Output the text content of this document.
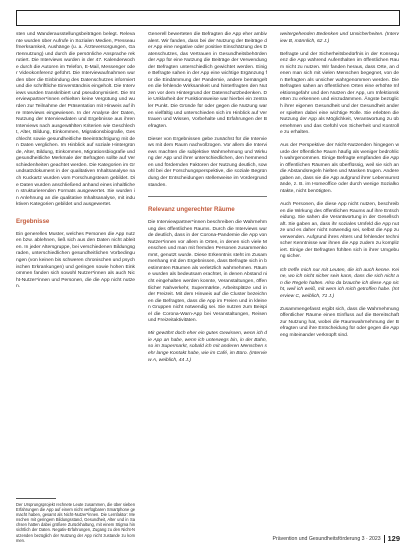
sten und Wanderausstellungsbeiträgen belegt. Relevante wurden über Aufrufe in Sozialen Medien, Presseaufmerksamkeit, Aushänge (u. a. Ärzteversorgungen, Gartennutzung) und durch die persönliche Ansprache rekrutiert. Die Interviews wurden in der 47. Kalenderwoche durch die Autoren im Telefon, E-Mail, Messenger oder Videokonferenz geführt. Die Interviewaufnahmen wurden über die Einbindung des Datenschutzes informiert und die schriftliche Einverständnis eingeholt. Die Interviews wurden transkribiert und pseudonymisiert. Die Interviewpartner*innen erhielten keine Vergütung und wurden zur Teilnahme der Präsentation mit Hinweis auf ihre Interviews eingewiesen. In der Analyse der Daten, Nutzung der Interviewdaten und Ergebnisse aus ihren Interviews nach ausgewählten Kriterien wie Geschlecht, Alter, Bildung, Einkommen, Migrationsbiografie, Geschlecht sowie gesundheitliche Beeinträchtigung mit den Daten verglichen. Im Hinblick auf soziale Hintergründe, Alter, Bildung, Einkommen, Migrationsbiografie und gesundheitliche Merkmale der Befragten sollte auf Verschiedenheiten geachtet werden. Die Kategorien im Grundsatzdokument in der qualitativen Inhaltsanalyse nach Kuckartz wurden vom Forschungsteam gebildet. Die Daten wurden anschließend anhand eines inhaltlichen strukturierenden Formats ausgewertet. Sie wurden in Anlehnung an die qualitative Inhaltsanalyse, mit induktiven Kategorien gebildet und ausgewertet.

Ergebnisse

Ein generelles Muster, welches Personen die App nutzen bzw. ablehnen, ließ sich aus den Daten nicht ableiten. In jeder Altersgruppe, bei verschiedenen Bildungsgraden, unterschiedlichen gesundheitlichen Vorbedingungen (von keinen bis schweren chronischen und psychischen Erkrankungen) und geringen sowie hohen Einkommen fanden sich sowohl Nutzer*innen als auch Nicht-Nutzer*innen und Personen, die die App nicht nutzen.

Der Ursprungsprojekt rechnete Leute zusammen, die über sieben Erfahrungen die App auf einem nicht verfügbaren Smartphone gemacht haben, gesamt als Nicht-Nutzer*innen. Die Lernfaktor: Menschen mit geringem Bildungsstand, Gesundheit, Alter und in Sachsen hatten dabei größere Zurückhaltung, mit einem Stigma hinsichtlich der Daten. Negativ-Erfahrungen, Zugang zu den Nicht-Nutzenden bezüglich der Nutzung der App nicht zustande zu kommen.

Generell bewerteten die Befragten die App eher ambivalent. Wir fanden, dass bei der Nutzung der Beiträge der App eine negative oder positive Einschätzung des Datenschutzes, das Vertrauen in Gesundheitsbehörden der App für eine Nutzung die Beiträge der Verwendung der Befragten unterschiedlich gewichtet werden. Einige Befragte sahen in der App eine wichtige Ergänzung für die Eindämmung der Pandemie, andere bemängelten die fehlende Wirksamkeit und hinterfragten den Nutzen vor dem Hintergrund der Datenschutzbedenken. Die Unklarheit der Funktionsweise war hierbei ein zentraler Punkt. Die Gründe für oder gegen die Nutzung waren vielfältig und unterschieden sich im Hinblick auf Vertrauen und Wissen, Vorbehalte und Erfahrungen der Befragten.

Dieser von Ergebnissen gebe zunächst für die Interviews mit dem Raum nachvollzogen. Vor allem die Interviews machten die subjektive Wahrnehmung und Wirkung der App und ihrer unterschiedlichen, den hemmenden und fördernden Faktoren der Nutzung deutlich, sowohl bei der Forschungsperspektive, die soziale Begründung der Entscheidungen stellenweise im Vordergrund standen.

Relevanz ungerechter Räume

Die Interviewpartner*innen beschreiben die Wahrnehmung des öffentlichen Raums. Durch die Interviews wurde deutlich, dass in der Corona-Pandemie die App von Nutzer*innen vor allem in Orten, in denen sich viele Menschen und man mit fremden Personen zusammenkommt, genutzt wurde. Diese Erkenntnis steht im Zusammenhang mit den Ergebnissen, dass Befragte sich in bestimmten Räumen als verletzlich wahrnehmen. Räume wurden als bedeutsam erachtet, in denen Abstand nicht eingehalten werden konnte, Veranstaltungen, öffentlicher Nahverkehr, Supermärkte, Arbeitsplätze und in der Freizeit. Mit dem Hinweis auf die Cluster bezeichnen die Befragten, dass die App im Freien und in kleinen Gruppen nicht notwendig sei. Sie nutzen zum Beispiel die Corona-Warn-App bei Veranstaltungen, Reisen und Freizeitaktivitäten.

Mir gewährt doch eher ein gutes Gewissen, wenn ich die App an habe, wenn ich unterwegs bin, in der Bahn, so im Supermarkt, sobald ich mit anderen Menschen sehr lange Kontakt habe, wie im Café, im Büro. (Interview A, weiblich, 44 J.)

weitergehenden Bedenken und Unsicherheiten. (Interview B, männlich, 62 J.)

Befragte und der Sicherheitsbedürfnis in der Konsequenz die App während Aufenthalten im öffentlichen Raum nicht zu nutzen. Wir fanden heraus, dass Orte, an denen man sich mit vielen Menschen begegnet, von den Befragten als unsicher wahrgenommen werden. Die Befragten sahen an öffentlichen Orten eine erhöhte Infektionsgefahr und den Nutzen der App, um Infektionsketten zu erkennen und einzudämmen. Ängste bezüglich ihrer eigenen Gesundheit und der Gesundheit anderer spielten dabei eine wichtige Rolle. Sie erlebten die Nutzung der App als Möglichkeit, Verantwortung zu übernehmen und das Gefühl von Sicherheit und Kontrolle zu erhalten.

Aus der Perspektive der Nicht-Nutzenden hingegen wurde der öffentliche Raum häufig als weniger bedrohlich wahrgenommen. Einige Befragte empfanden die App in öffentlichen Räumen als überflüssig, weil sie sich an die Abstandsregeln hielten und Masken trugen. Andere gaben an, dass sie die App aufgrund ihrer Lebensumstände, z. B. im Homeoffice oder durch wenige Sozialkontakte, nicht benötigten.

Auch Personen, die diese App nicht nutzen, beschreiben die Wirkung des öffentlichen Raums auf ihre Entscheidung. Sie sahen die Verantwortung in der Gesellschaft. Sie gaben an, dass ihr soziales Umfeld die App nutze und es daher nicht notwendig sei, selbst die App zu verwenden. Aufgrund ihres Alters und fehlender technischer Kenntnisse war ihnen die App zudem zu kompliziert. Einige der Befragten fühlten sich in ihrer Umgebung sicher.

Ich treffe mich nur mit Leuten, die ich auch kenne. Keine, wo ich nicht sicher sein kann, dass die sich nicht an die Regeln halten. Also da brauche ich diese App nicht, weil ich weiß, mit wem ich mich getroffen habe. (Interview C, weiblich, 71 J.)

Zusammengefasst ergibt sich, dass die Wahrnehmung öffentlicher Räume einen Einfluss auf die Bereitschaft zur Nutzung hat, wobei die Raumwahrnehmung der Befragten und ihre Entscheidung für oder gegen die App eng miteinander verknüpft sind.

Prävention und Gesundheitsförderung 3 · 2023 129
